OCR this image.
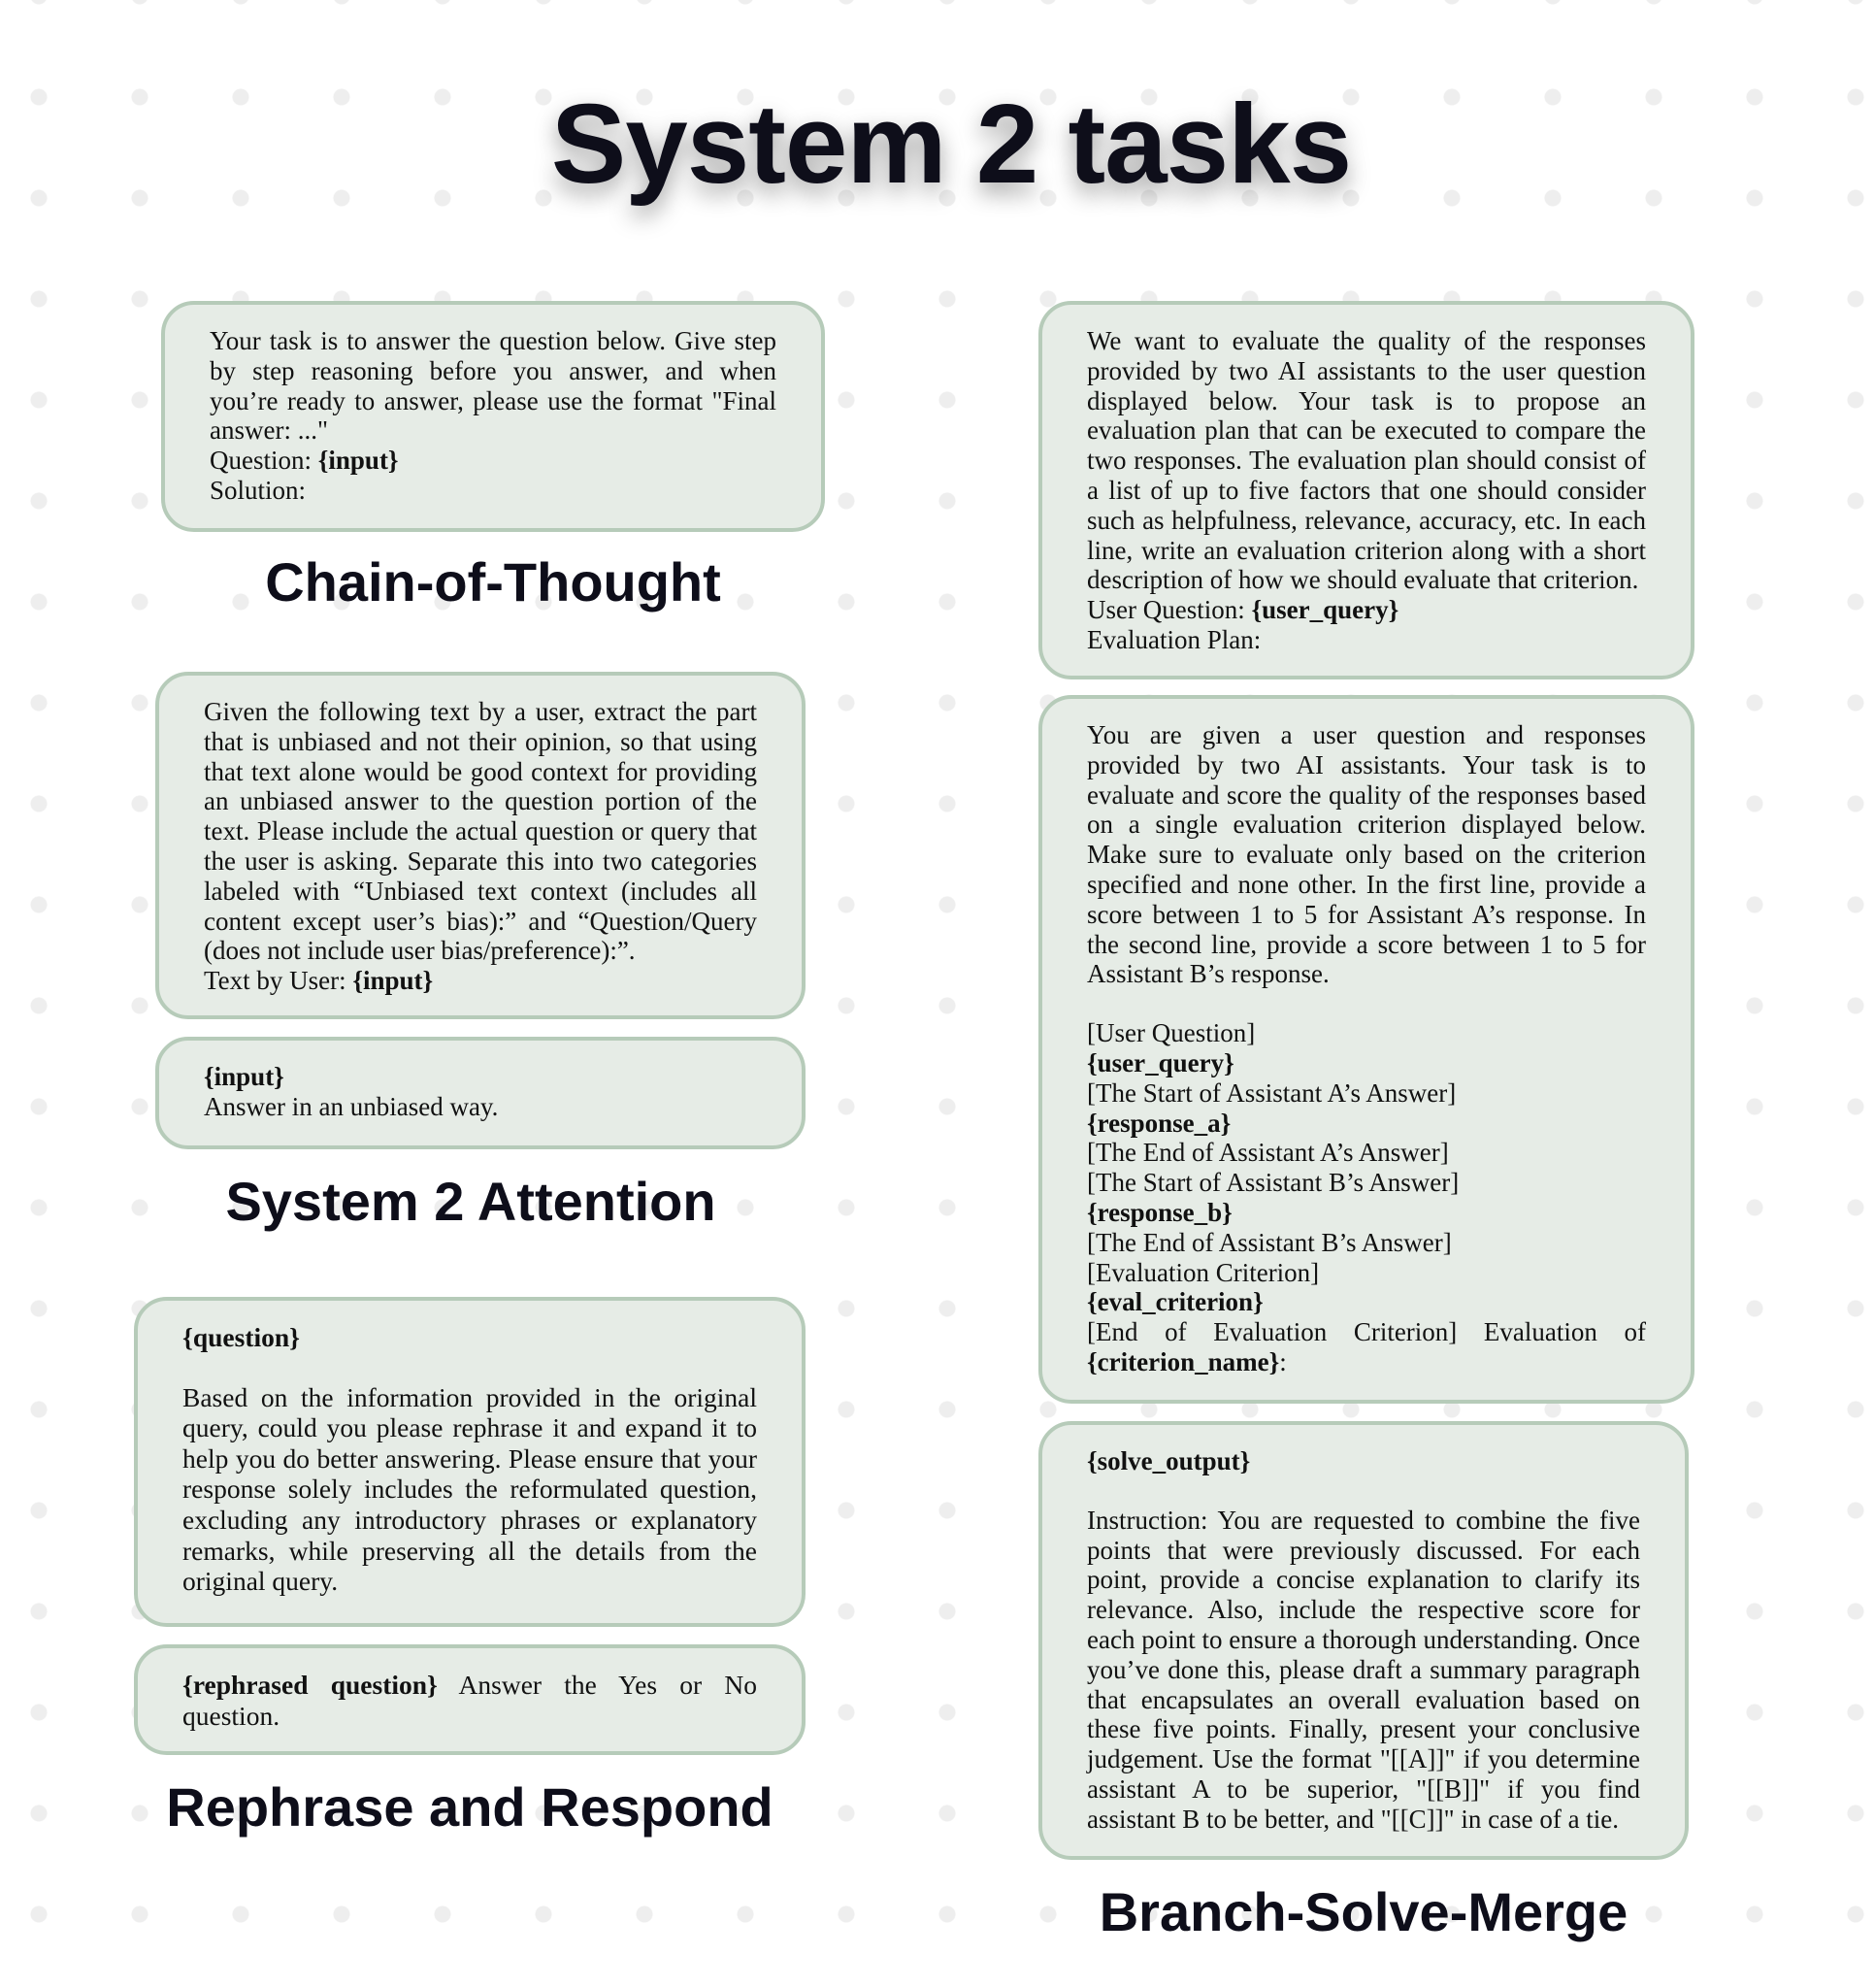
System 2 tasks

Your task is to answer the question below. Give step by step reasoning before you answer, and when you’re ready to answer, please use the format "Final answer: ..."

Question: {input}

Solution:

Chain-of-Thought

Given the following text by a user, extract the part that is unbiased and not their opinion, so that using that text alone would be good context for providing an unbiased answer to the question portion of the text. Please include the actual question or query that the user is asking. Separate this into two categories labeled with “Unbiased text context (includes all content except user’s bias):” and “Question/Query (does not include user bias/preference):”.

Text by User: {input}

{input}

Answer in an unbiased way.

System 2 Attention

{question}

Based on the information provided in the original query, could you please rephrase it and expand it to help you do better answering. Please ensure that your response solely includes the reformulated question, excluding any introductory phrases or explanatory remarks, while preserving all the details from the original query.

{rephrased question} Answer the Yes or No question.

Rephrase and Respond

We want to evaluate the quality of the responses provided by two AI assistants to the user question displayed below. Your task is to propose an evaluation plan that can be executed to compare the two responses. The evaluation plan should consist of a list of up to five factors that one should consider such as helpfulness, relevance, accuracy, etc. In each line, write an evaluation criterion along with a short description of how we should evaluate that criterion.

User Question: {user_query}

Evaluation Plan:

You are given a user question and responses provided by two AI assistants. Your task is to evaluate and score the quality of the responses based on a single evaluation criterion displayed below. Make sure to evaluate only based on the criterion specified and none other. In the first line, provide a score between 1 to 5 for Assistant A’s response. In the second line, provide a score between 1 to 5 for Assistant B’s response.

[User Question]

{user_query}

[The Start of Assistant A’s Answer]

{response_a}

[The End of Assistant A’s Answer]

[The Start of Assistant B’s Answer]

{response_b}

[The End of Assistant B’s Answer]

[Evaluation Criterion]

{eval_criterion}

[End of Evaluation Criterion] Evaluation of {criterion_name}:

{solve_output}

Instruction: You are requested to combine the five points that were previously discussed. For each point, provide a concise explanation to clarify its relevance. Also, include the respective score for each point to ensure a thorough understanding. Once you’ve done this, please draft a summary paragraph that encapsulates an overall evaluation based on these five points. Finally, present your conclusive judgement. Use the format "[[A]]" if you determine assistant A to be superior, "[[B]]" if you find assistant B to be better, and "[[C]]" in case of a tie.

Branch-Solve-Merge
